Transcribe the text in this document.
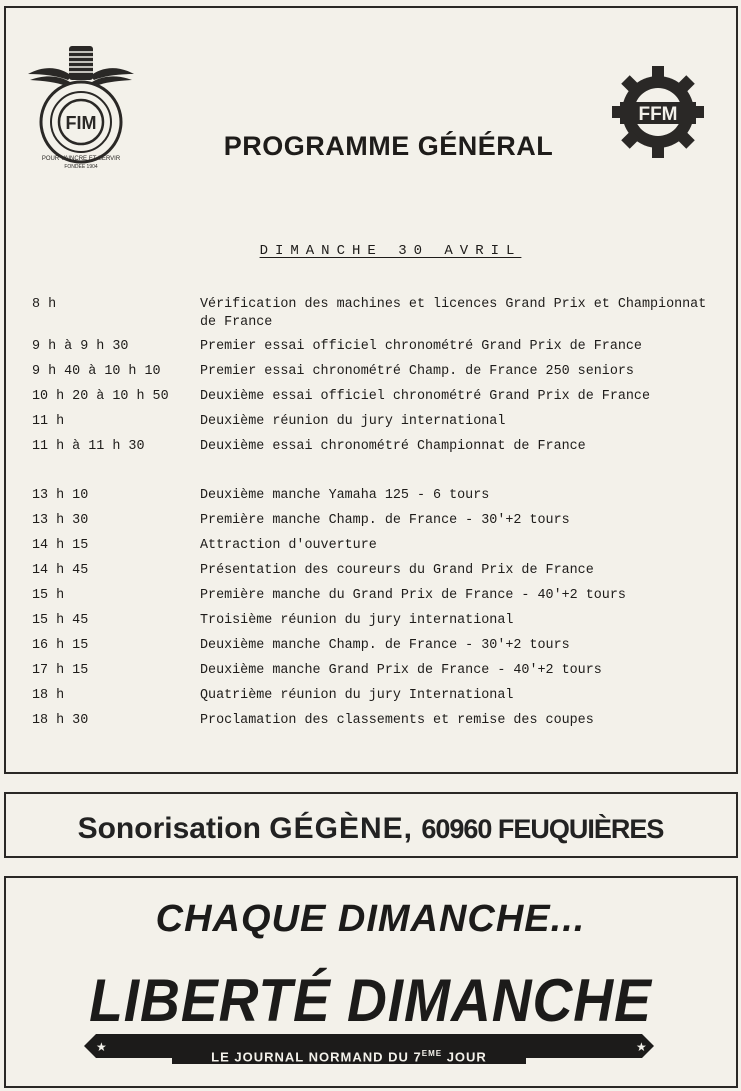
FIM
POUR VAINCRE ET SERVIR
FONDEE 1904
FFM
PROGRAMME GÉNÉRAL
DIMANCHE 30 AVRIL
8 h	Vérification des machines et licences Grand Prix et Championnat de France
9 h à 9 h 30	Premier essai officiel chronométré Grand Prix de France
9 h 40 à 10 h 10	Premier essai chronométré Champ. de France 250 seniors
10 h 20 à 10 h 50	Deuxième essai officiel chronométré Grand Prix de France
11 h	Deuxième réunion du jury international
11 h à 11 h 30	Deuxième essai chronométré Championnat de France
13 h 10	Deuxième manche Yamaha 125 - 6 tours
13 h 30	Première manche Champ. de France - 30'+2 tours
14 h 15	Attraction d'ouverture
14 h 45	Présentation des coureurs du Grand Prix de France
15 h	Première manche du Grand Prix de France - 40'+2 tours
15 h 45	Troisième réunion du jury international
16 h 15	Deuxième manche Champ. de France - 30'+2 tours
17 h 15	Deuxième manche Grand Prix de France - 40'+2 tours
18 h	Quatrième réunion du jury International
18 h 30	Proclamation des classements et remise des coupes
Sonorisation GÉGÈNE, 60960 FEUQUIÈRES
CHAQUE DIMANCHE...
★	★
LIBERTÉ DIMANCHE
LE JOURNAL NORMAND DU 7EME JOUR
